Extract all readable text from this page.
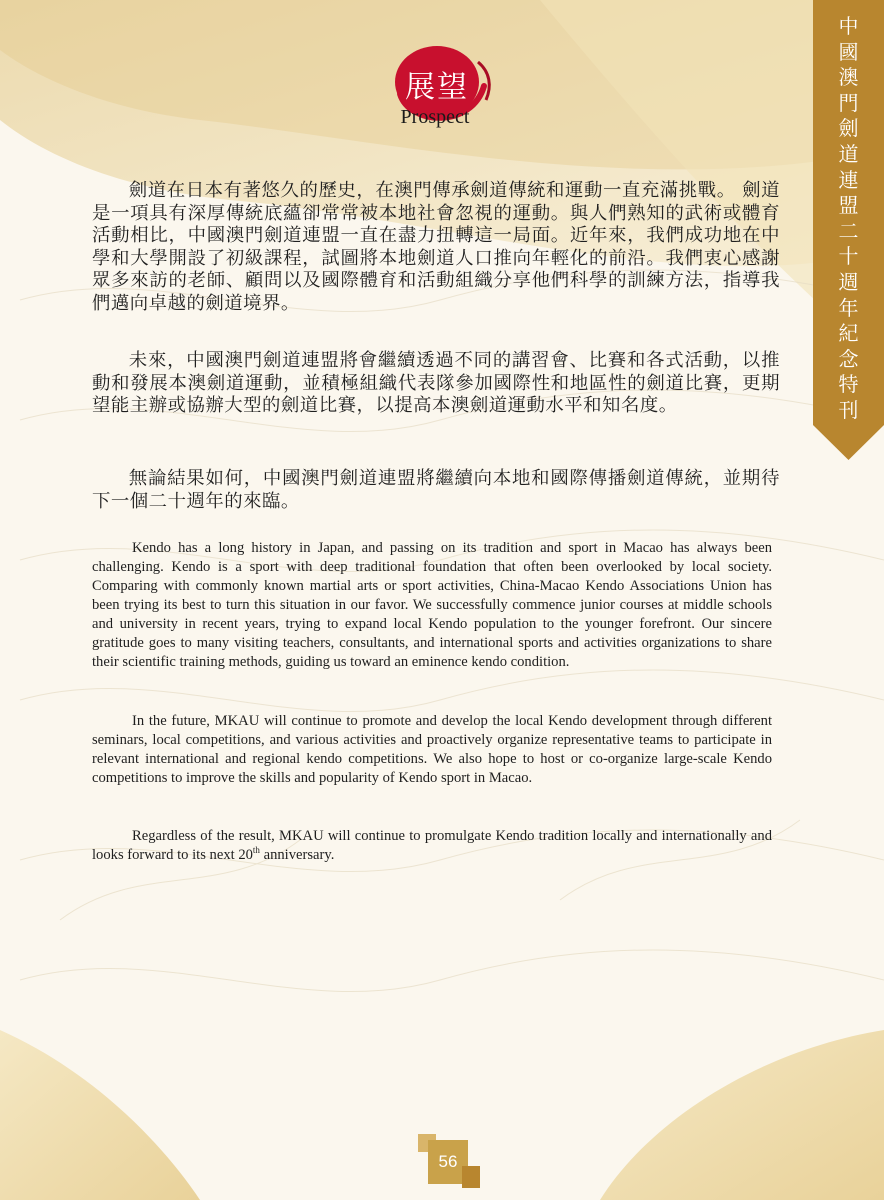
展望
Prospect
中
國
澳
門
劍
道
連
盟
二
十
週
年
紀
念
特
刊

劍道在日本有著悠久的歷史，在澳門傳承劍道傳統和運動一直充滿挑戰。 劍道是一項具有深厚傳統底蘊卻常常被本地社會忽視的運動。與人們熟知的武術或體育活動相比，中國澳門劍道連盟一直在盡力扭轉這一局面。近年來，我們成功地在中學和大學開設了初級課程，試圖將本地劍道人口推向年輕化的前沿。我們衷心感謝眾多來訪的老師、顧問以及國際體育和活動組織分享他們科學的訓練方法，指導我們邁向卓越的劍道境界。

未來，中國澳門劍道連盟將會繼續透過不同的講習會、比賽和各式活動，以推動和發展本澳劍道運動，並積極組織代表隊參加國際性和地區性的劍道比賽，更期望能主辦或協辦大型的劍道比賽，以提高本澳劍道運動水平和知名度。

無論結果如何，中國澳門劍道連盟將繼續向本地和國際傳播劍道傳統，並期待下一個二十週年的來臨。

Kendo has a long history in Japan, and passing on its tradition and sport in Macao has always been challenging. Kendo is a sport with deep traditional foundation that often been overlooked by local society. Comparing with commonly known martial arts or sport activities, China-Macao Kendo Associations Union has been trying its best to turn this situation in our favor. We successfully commence junior courses at middle schools and university in recent years, trying to expand local Kendo population to the younger forefront. Our sincere gratitude goes to many visiting teachers, consultants, and international sports and activities organizations to share their scientific training methods, guiding us toward an eminence kendo condition.

In the future, MKAU will continue to promote and develop the local Kendo development through different seminars, local competitions, and various activities and proactively organize representative teams to participate in relevant international and regional kendo competitions. We also hope to host or co-organize large-scale Kendo competitions to improve the skills and popularity of Kendo sport in Macao.

Regardless of the result, MKAU will continue to promulgate Kendo tradition locally and internationally and looks forward to its next 20th anniversary.

56
